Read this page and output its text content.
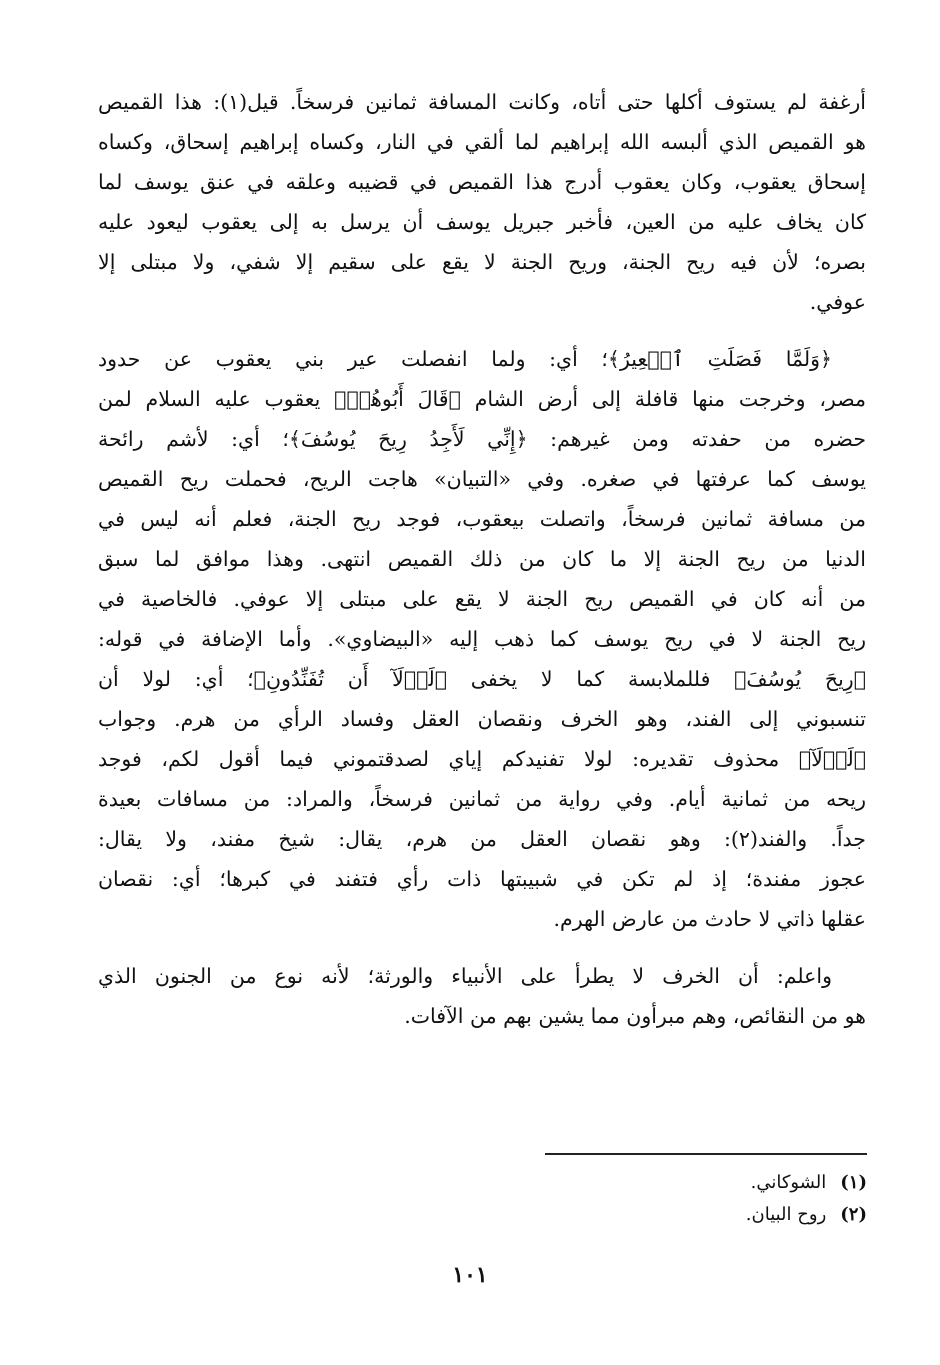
أرغفة لم يستوف أكلها حتى أتاه، وكانت المسافة ثمانين فرسخاً. قيل(١): هذا القميص
هو القميص الذي ألبسه الله إبراهيم لما ألقي في النار، وكساه إبراهيم إسحاق، وكساه
إسحاق يعقوب، وكان يعقوب أدرج هذا القميص في قضيبه وعلقه في عنق يوسف لما
كان يخاف عليه من العين، فأخبر جبريل يوسف أن يرسل به إلى يعقوب ليعود عليه
بصره؛ لأن فيه ريح الجنة، وريح الجنة لا يقع على سقيم إلا شفي، ولا مبتلى إلا
عوفي.
﴿وَلَمَّا فَصَلَتِ ٱلۡعِيرُ﴾؛ أي: ولما انفصلت عير بني يعقوب عن حدود
مصر، وخرجت منها قافلة إلى أرض الشام ﴿قَالَ أَبُوهُمۡ﴾ يعقوب عليه السلام لمن
حضره من حفدته ومن غيرهم: ﴿إِنِّي لَأَجِدُ رِيحَ يُوسُفَ﴾؛ أي: لأشم رائحة
يوسف كما عرفتها في صغره. وفي «التبيان» هاجت الريح، فحملت ريح القميص
من مسافة ثمانين فرسخاً، واتصلت بيعقوب، فوجد ريح الجنة، فعلم أنه ليس في
الدنيا من ريح الجنة إلا ما كان من ذلك القميص انتهى. وهذا موافق لما سبق
من أنه كان في القميص ريح الجنة لا يقع على مبتلى إلا عوفي. فالخاصية في
ريح الجنة لا في ريح يوسف كما ذهب إليه «البيضاوي». وأما الإضافة في قوله:
﴿رِيحَ يُوسُفَ﴾ فللملابسة كما لا يخفى ﴿لَوۡلَآ أَن تُفَنِّدُونِ﴾؛ أي: لولا أن
تنسبوني إلى الفند، وهو الخرف ونقصان العقل وفساد الرأي من هرم. وجواب
﴿لَوۡلَآ﴾ محذوف تقديره: لولا تفنيدكم إياي لصدقتموني فيما أقول لكم، فوجد
ريحه من ثمانية أيام. وفي رواية من ثمانين فرسخاً، والمراد: من مسافات بعيدة
جداً. والفند(٢): وهو نقصان العقل من هرم، يقال: شيخ مفند، ولا يقال:
عجوز مفندة؛ إذ لم تكن في شبيبتها ذات رأي فتفند في كبرها؛ أي: نقصان
عقلها ذاتي لا حادث من عارض الهرم.
واعلم: أن الخرف لا يطرأ على الأنبياء والورثة؛ لأنه نوع من الجنون الذي
هو من النقائص، وهم مبرأون مما يشين بهم من الآفات.
(١)الشوكاني.
(٢)روح البيان.
١٠١
